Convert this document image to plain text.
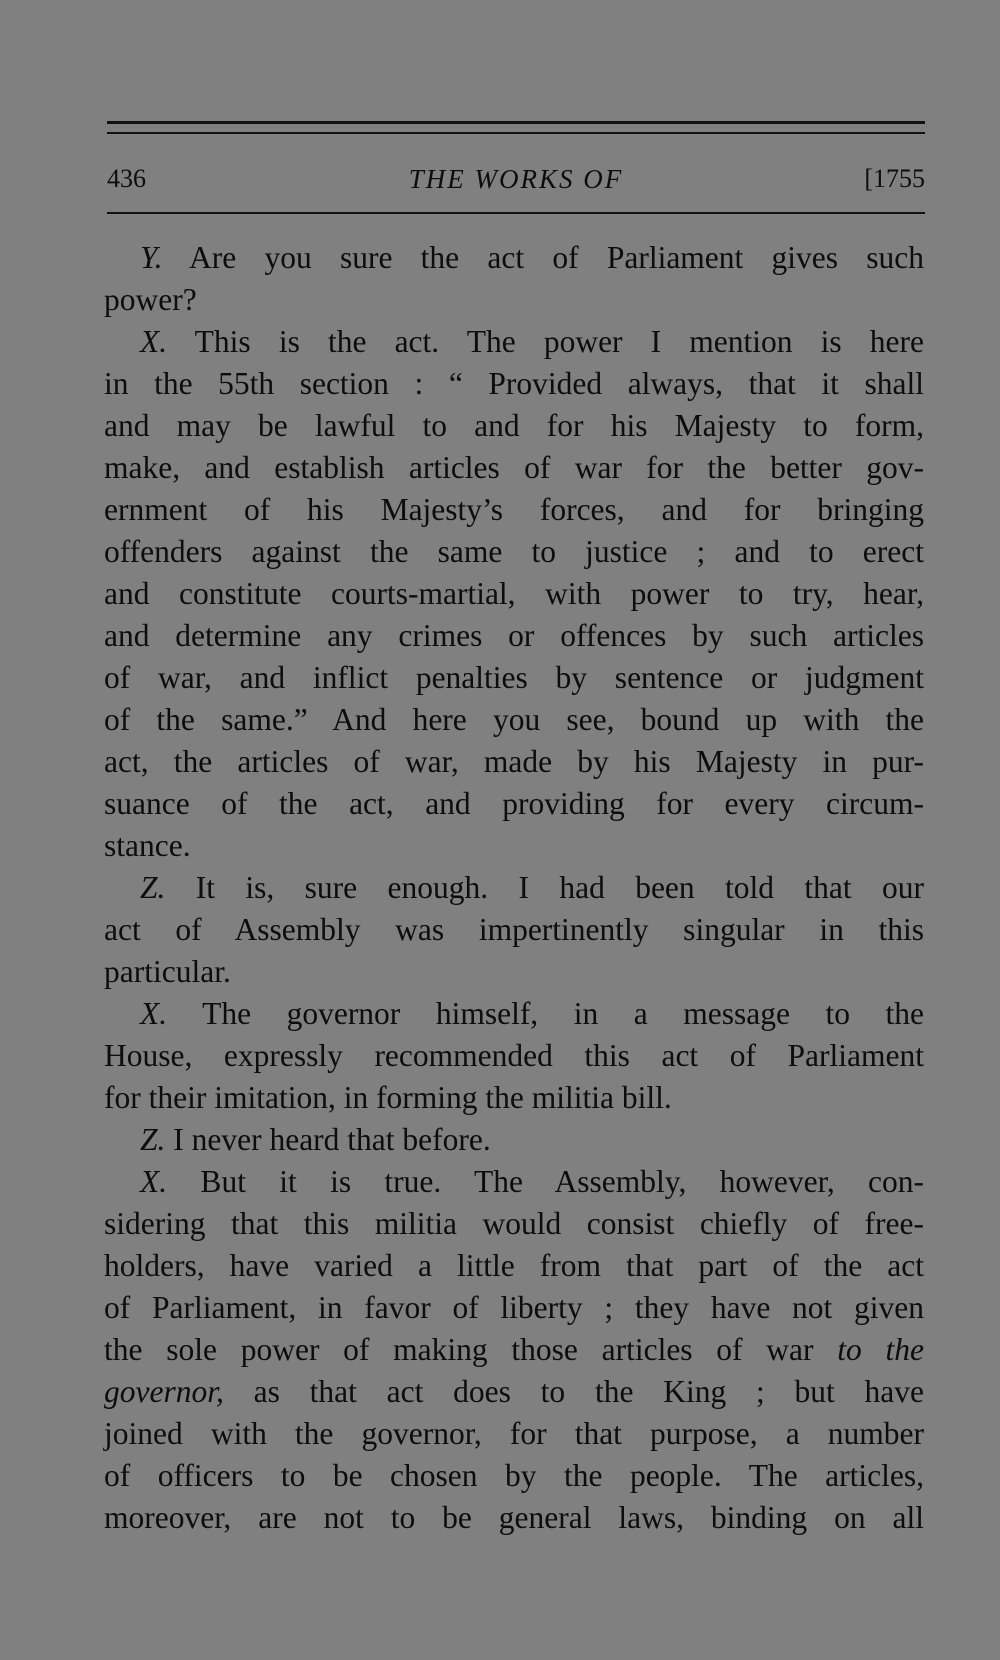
436	THE WORKS OF	[1755
Y. Are you sure the act of Parliament gives such
power?
X. This is the act. The power I mention is here
in the 55th section : “ Provided always, that it shall
and may be lawful to and for his Majesty to form,
make, and establish articles of war for the better gov-
ernment of his Majesty’s forces, and for bringing
offenders against the same to justice ; and to erect
and constitute courts-martial, with power to try, hear,
and determine any crimes or offences by such articles
of war, and inflict penalties by sentence or judgment
of the same.” And here you see, bound up with the
act, the articles of war, made by his Majesty in pur-
suance of the act, and providing for every circum-
stance.
Z. It is, sure enough. I had been told that our
act of Assembly was impertinently singular in this
particular.
X. The governor himself, in a message to the
House, expressly recommended this act of Parliament
for their imitation, in forming the militia bill.
Z. I never heard that before.
X. But it is true. The Assembly, however, con-
sidering that this militia would consist chiefly of free-
holders, have varied a little from that part of the act
of Parliament, in favor of liberty ; they have not given
the sole power of making those articles of war to the
governor, as that act does to the King ; but have
joined with the governor, for that purpose, a number
of officers to be chosen by the people. The articles,
moreover, are not to be general laws, binding on all
